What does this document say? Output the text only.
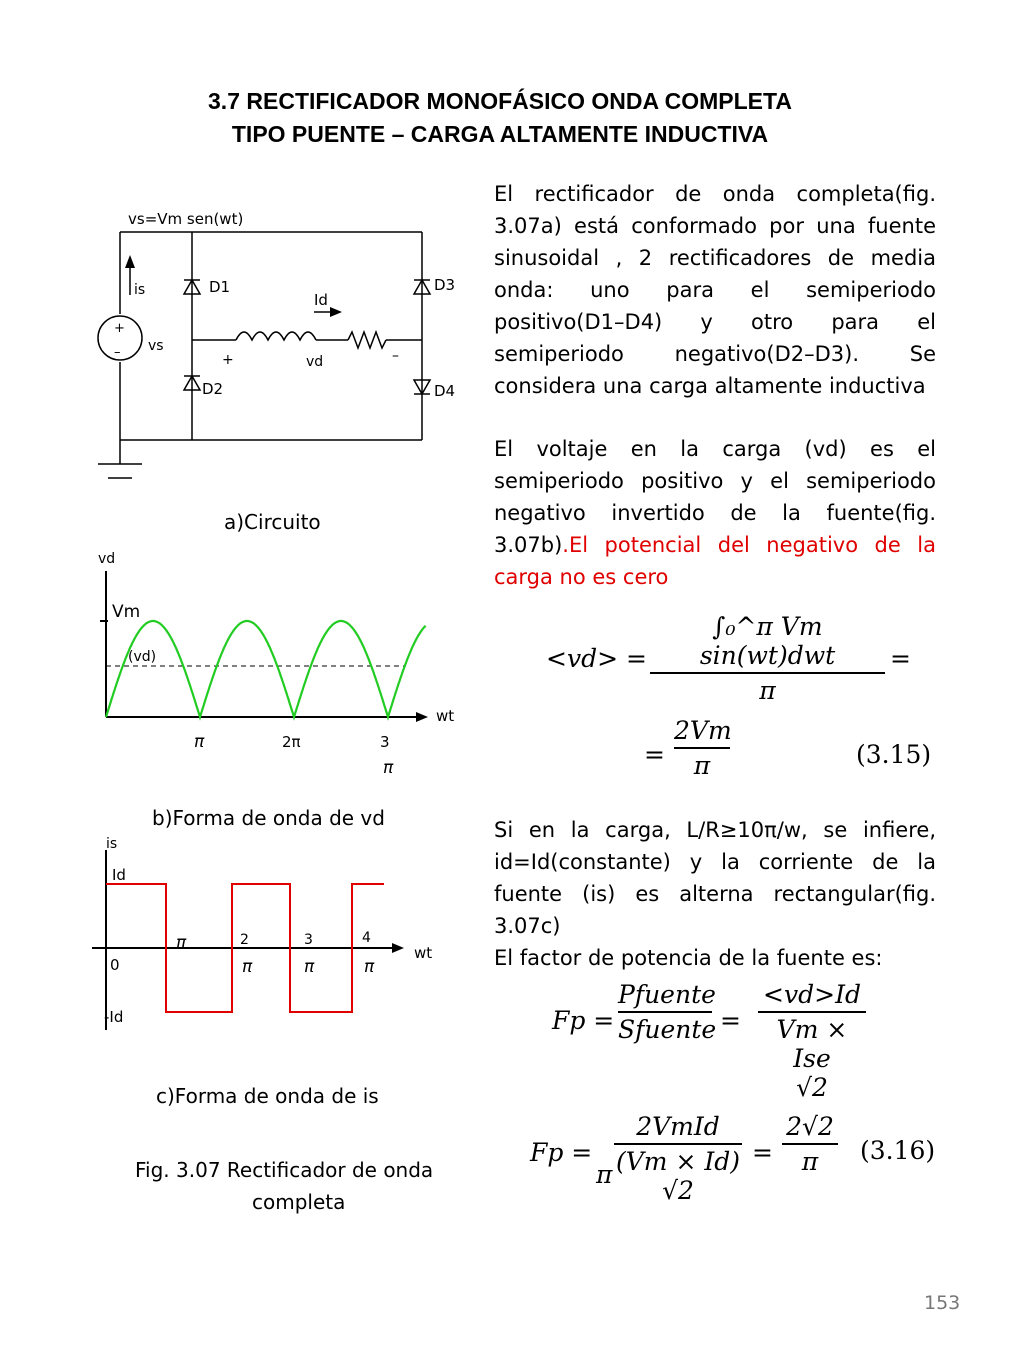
3.7 RECTIFICADOR MONOFÁSICO ONDA COMPLETA
TIPO PUENTE – CARGA ALTAMENTE INDUCTIVA
vs=Vm sen(wt)
is
+
– vs
D1
D2
D3
D4
Id
+	vd	–
a)Circuito
vd
Vm
(vd)
wt
π	2π	3
π
b)Forma de onda de vd
is
Id
-Id
0
wt
π	2
π
3
π
4
π
c)Forma de onda de is
Fig. 3.07 Rectificador de onda
completa
El rectificador de onda completa(fig. 3.07a) está conformado por una fuente sinusoidal , 2 rectificadores de media onda: uno para el semiperiodo positivo(D1–D4) y otro para el semiperiodo negativo(D2–D3). Se considera una carga altamente inductiva
El voltaje en la carga (vd) es el semiperiodo positivo y el semiperiodo negativo invertido de la fuente(fig. 3.07b).El potencial del negativo de la carga no es cero
<vd> =
∫₀^π Vm sin(wt)dwt
π
=
=
2Vm
π	(3.15)
Si en la carga, L/R≥10π/w, se infiere, id=Id(constante) y la corriente de la fuente (is) es alterna rectangular(fig. 3.07c)
El factor de potencia de la fuente es:
Fp =
Pfuente
Sfuente =
<vd>Id
Vm × Ise
√2
Fp =
π
2VmId
(Vm × Id)
√2
=
2√2
π	(3.16)
153
